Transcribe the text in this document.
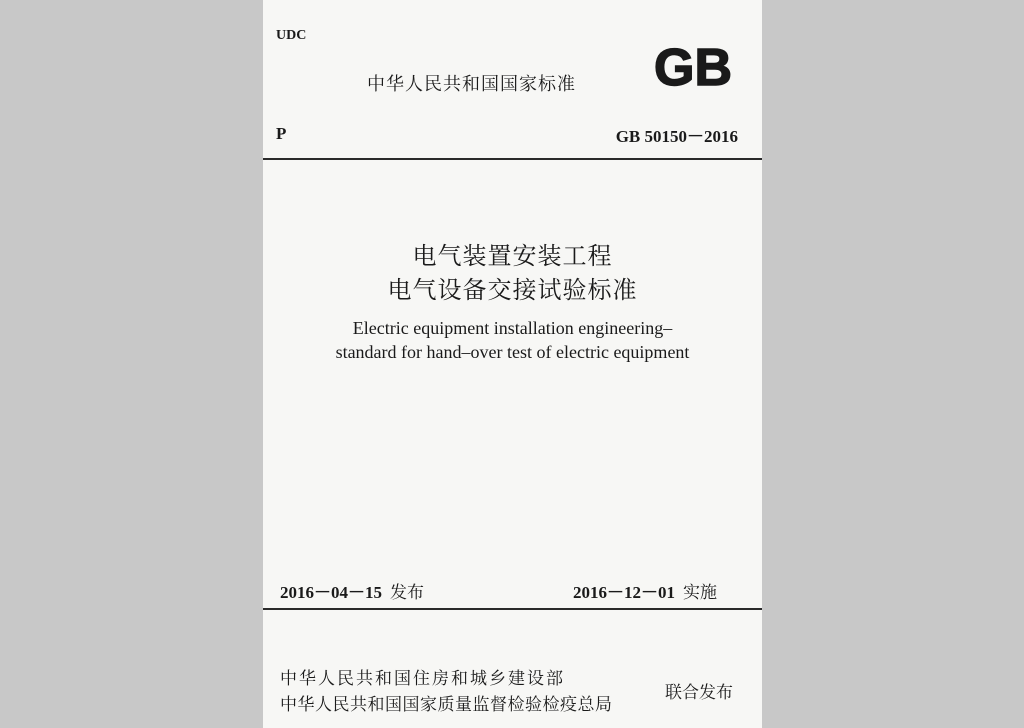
UDC
中华人民共和国国家标准 GB
P	GB 50150－2016
电气装置安装工程
电气设备交接试验标准
Electric equipment installation engineering–
standard for hand–over test of electric equipment
2016－04－15 发布	2016－12－01 实施
中华人民共和国住房和城乡建设部
中华人民共和国国家质量监督检验检疫总局
联合发布
